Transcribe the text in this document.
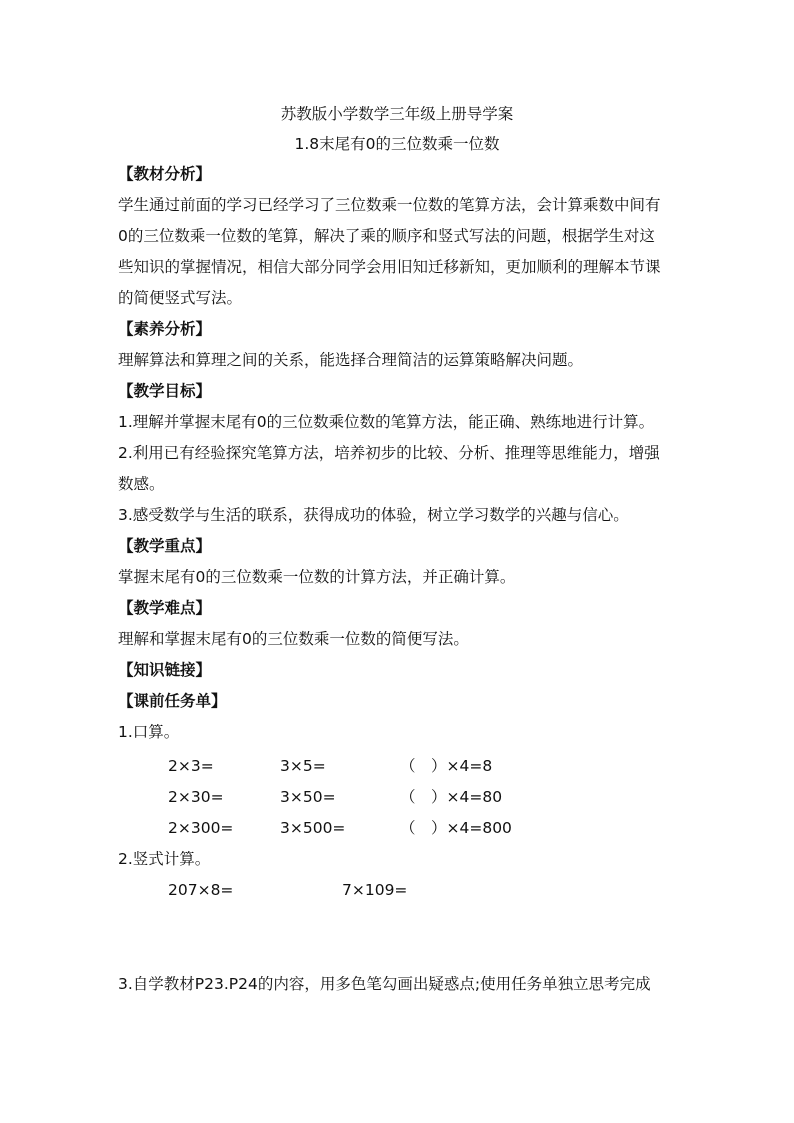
苏教版小学数学三年级上册导学案
1.8末尾有0的三位数乘一位数
【教材分析】
学生通过前面的学习已经学习了三位数乘一位数的笔算方法，会计算乘数中间有
0的三位数乘一位数的笔算，解决了乘的顺序和竖式写法的问题，根据学生对这
些知识的掌握情况，相信大部分同学会用旧知迁移新知，更加顺利的理解本节课
的简便竖式写法。
【素养分析】
理解算法和算理之间的关系，能选择合理简洁的运算策略解决问题。
【教学目标】
1.理解并掌握末尾有0的三位数乘位数的笔算方法，能正确、熟练地进行计算。
2.利用已有经验探究笔算方法，培养初步的比较、分析、推理等思维能力，增强
数感。
3.感受数学与生活的联系，获得成功的体验，树立学习数学的兴趣与信心。
【教学重点】
掌握末尾有0的三位数乘一位数的计算方法，并正确计算。
【教学难点】
理解和掌握末尾有0的三位数乘一位数的简便写法。
【知识链接】
【课前任务单】
1.口算。
2×3=	3×5=	（　）×4=8
2×30=	3×50=	（　）×4=80
2×300=	3×500=	（　）×4=800
2.竖式计算。
207×8=	7×109=
3.自学教材P23.P24的内容，用多色笔勾画出疑惑点;使用任务单独立思考完成
